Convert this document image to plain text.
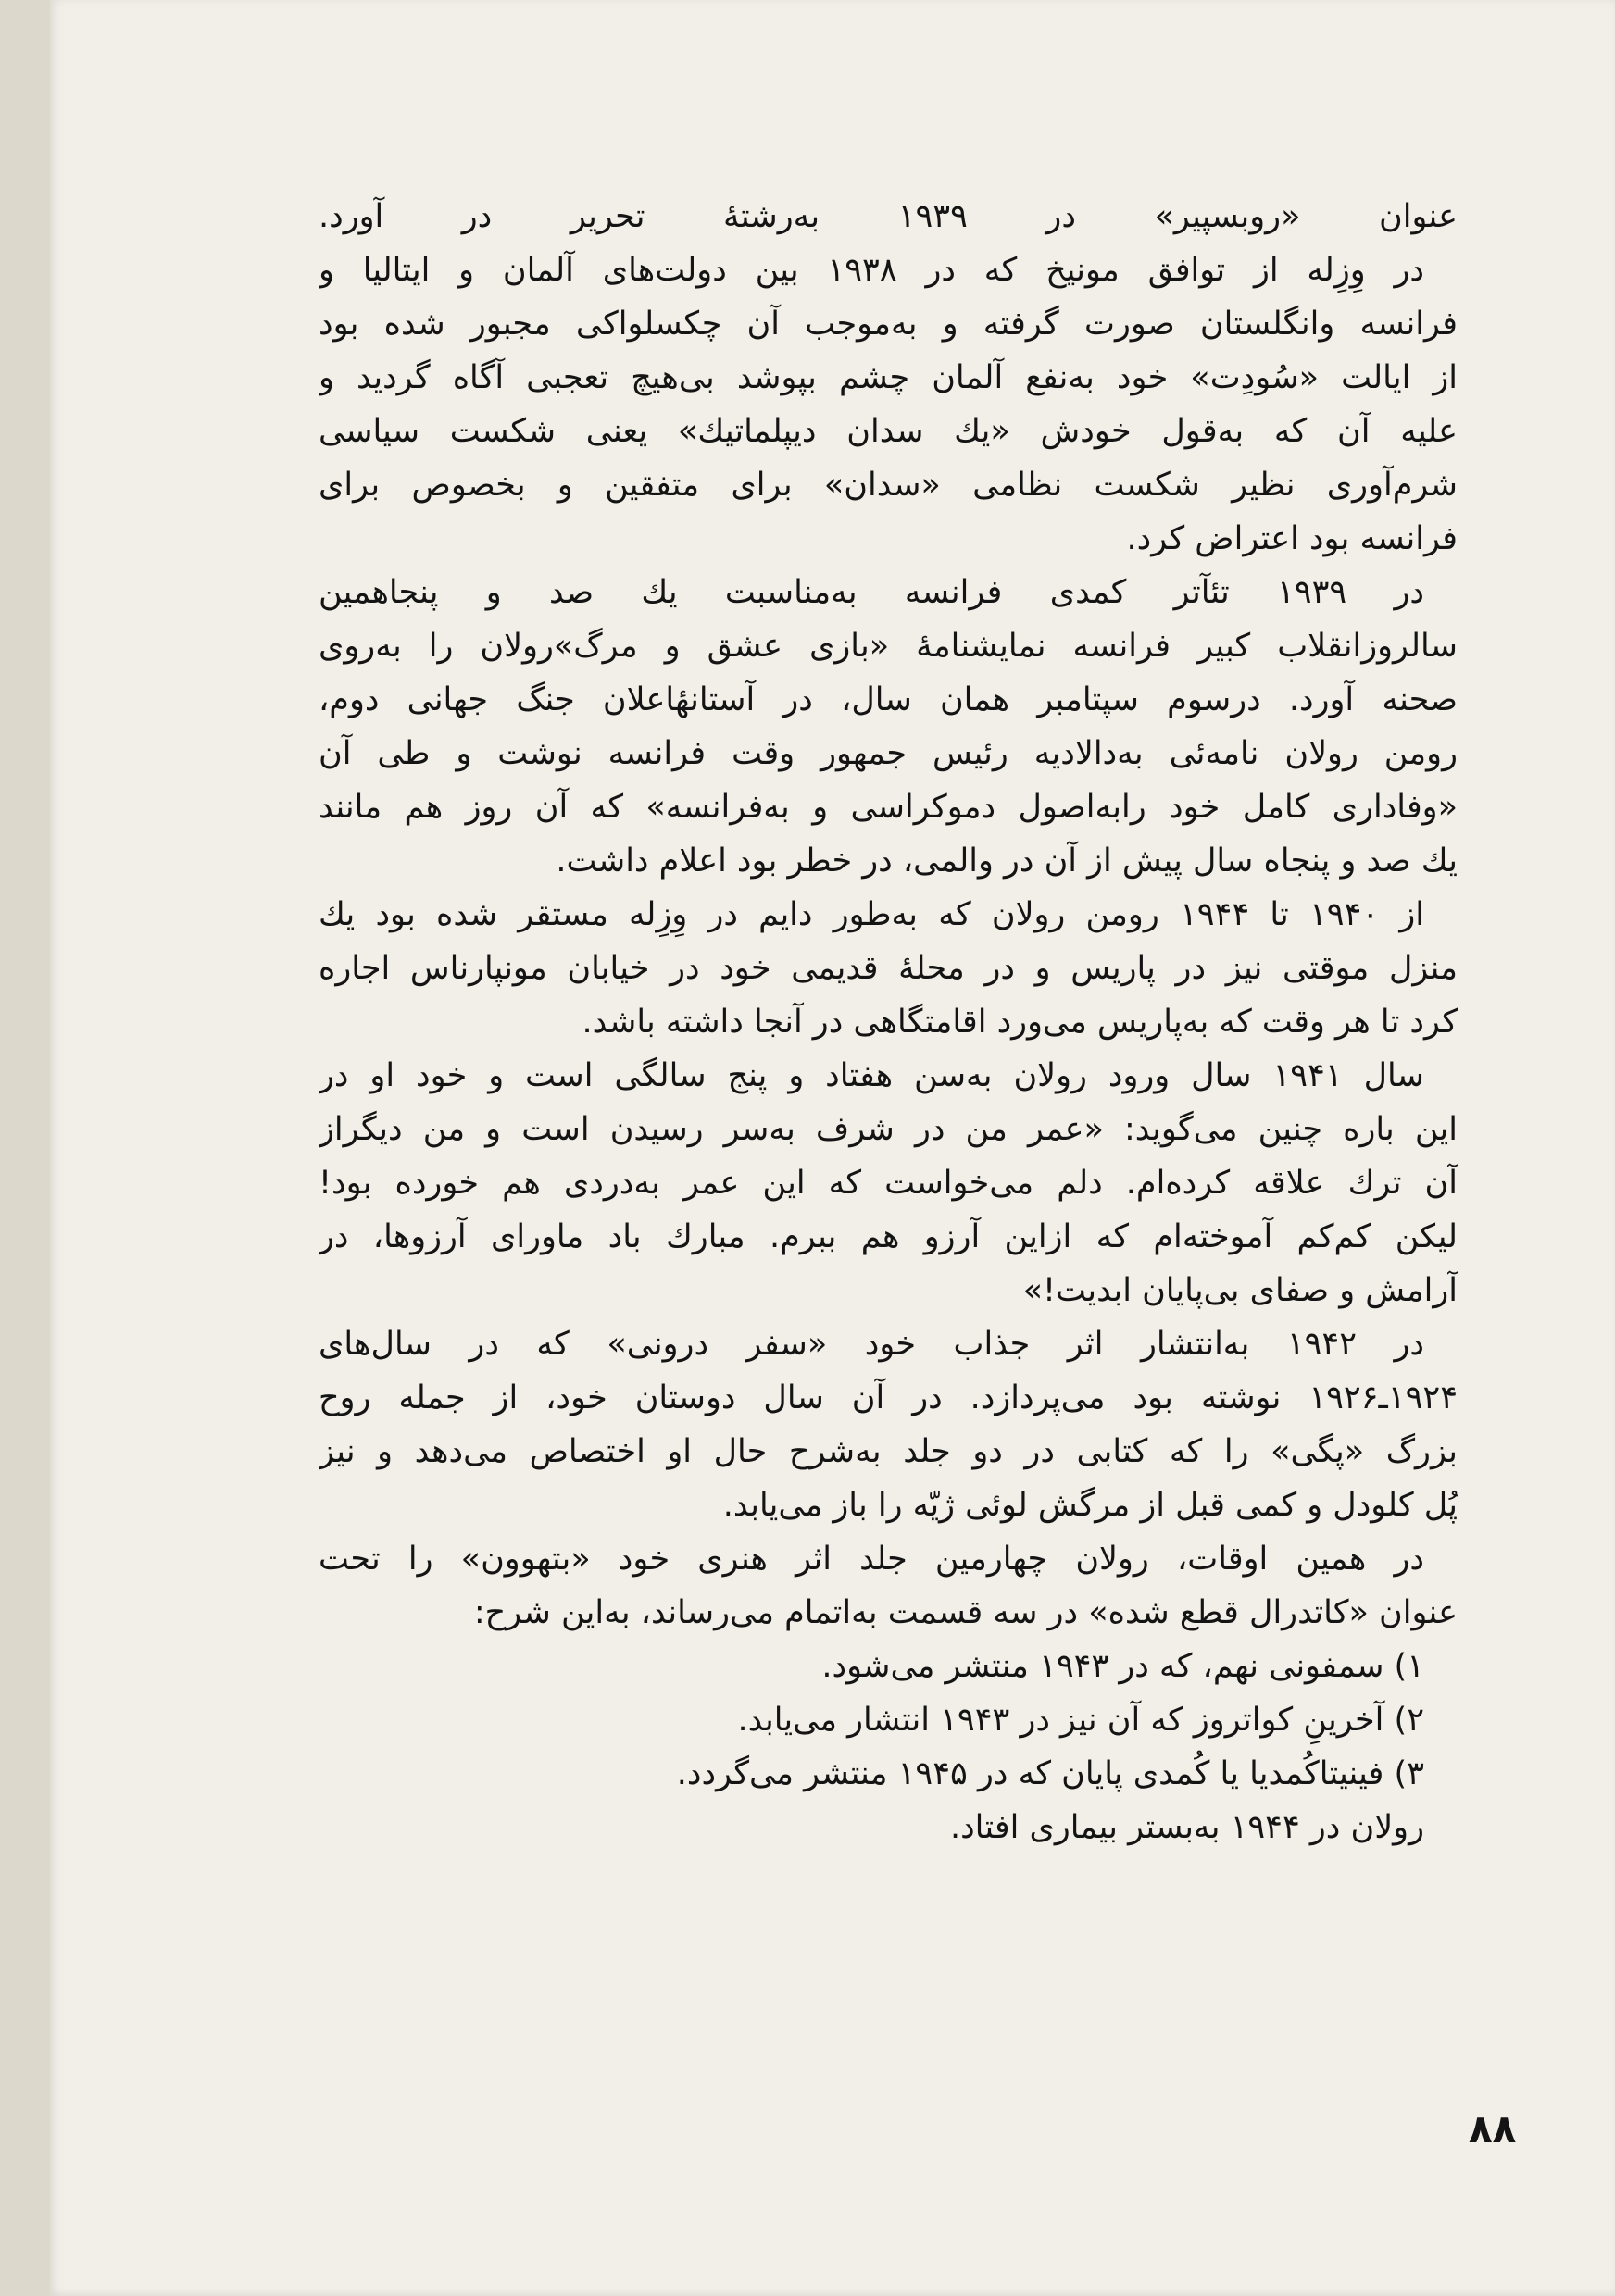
عنوان «روبسپیر» در ۱۹۳۹ به‌رشتهٔ تحریر در آورد.
در وِزِله از توافق مونیخ که در ۱۹۳۸ بین دولت‌های آلمان و ایتالیا و
فرانسه وانگلستان صورت گرفته و به‌موجب آن چکسلواکی مجبور شده بود
از ایالت «سُودِت» خود به‌نفع آلمان چشم بپوشد بی‌هیچ تعجبی آگاه گردید و
علیه آن که به‌قول خودش «یك سدان دیپلماتیك» یعنی شکست سیاسی
شرم‌آوری نظیر شکست نظامی «سدان» برای متفقین و بخصوص برای
فرانسه بود اعتراض کرد.
در ۱۹۳۹ تئآتر کمدی فرانسه به‌مناسبت یك صد و پنجاهمین
سالروزانقلاب کبیر فرانسه نمایشنامهٔ «بازی عشق و مرگ»رولان را به‌روی
صحنه آورد. درسوم سپتامبر همان سال، در آستانهٔاعلان جنگ جهانی دوم،
رومن رولان نامه‌ئی به‌دالادیه رئیس جمهور وقت فرانسه نوشت و طی آن
«وفاداری کامل خود رابه‌اصول دموکراسی و به‌فرانسه» که آن روز هم مانند
یك صد و پنجاه سال پیش از آن در والمی، در خطر بود اعلام داشت.
از ۱۹۴۰ تا ۱۹۴۴ رومن رولان که به‌طور دایم در وِزِله مستقر شده بود یك
منزل موقتی نیز در پاریس و در محلهٔ قدیمی خود در خیابان مونپارناس اجاره
کرد تا هر وقت که به‌پاریس می‌ورد اقامتگاهی در آنجا داشته باشد.
سال ۱۹۴۱ سال ورود رولان به‌سن هفتاد و پنج سالگی است و خود او در
این باره چنین می‌گوید: «عمر من در شرف به‌سر رسیدن است و من دیگراز
آن ترك علاقه کرده‌ام. دلم می‌خواست که این عمر به‌دردی هم خورده بود!
لیکن کم‌کم آموخته‌ام که ازاین آرزو هم ببرم. مبارك باد ماورای آرزوها، در
آرامش و صفای بی‌پایان ابدیت!»
در ۱۹۴۲ به‌انتشار اثر جذاب خود «سفر درونی» که در سال‌های
۱۹۲۴ـ۱۹۲۶ نوشته بود می‌پردازد. در آن سال دوستان خود، از جمله روح
بزرگ «پگی» را که کتابی در دو جلد به‌شرح حال او اختصاص می‌دهد و نیز
پُل کلودل و کمی قبل از مرگش لوئی ژیّه را باز می‌یابد.
در همین اوقات، رولان چهارمین جلد اثر هنری خود «بتهوون» را تحت
عنوان «کاتدرال قطع شده» در سه قسمت به‌اتمام می‌رساند، به‌این شرح:
۱) سمفونی نهم، که در ۱۹۴۳ منتشر می‌شود.
۲) آخرینِ کواتروز که آن نیز در ۱۹۴۳ انتشار می‌یابد.
۳) فینیتاکُمدیا یا کُمدی پایان که در ۱۹۴۵ منتشر می‌گردد.
رولان در ۱۹۴۴ به‌بستر بیماری افتاد.
۸۸
